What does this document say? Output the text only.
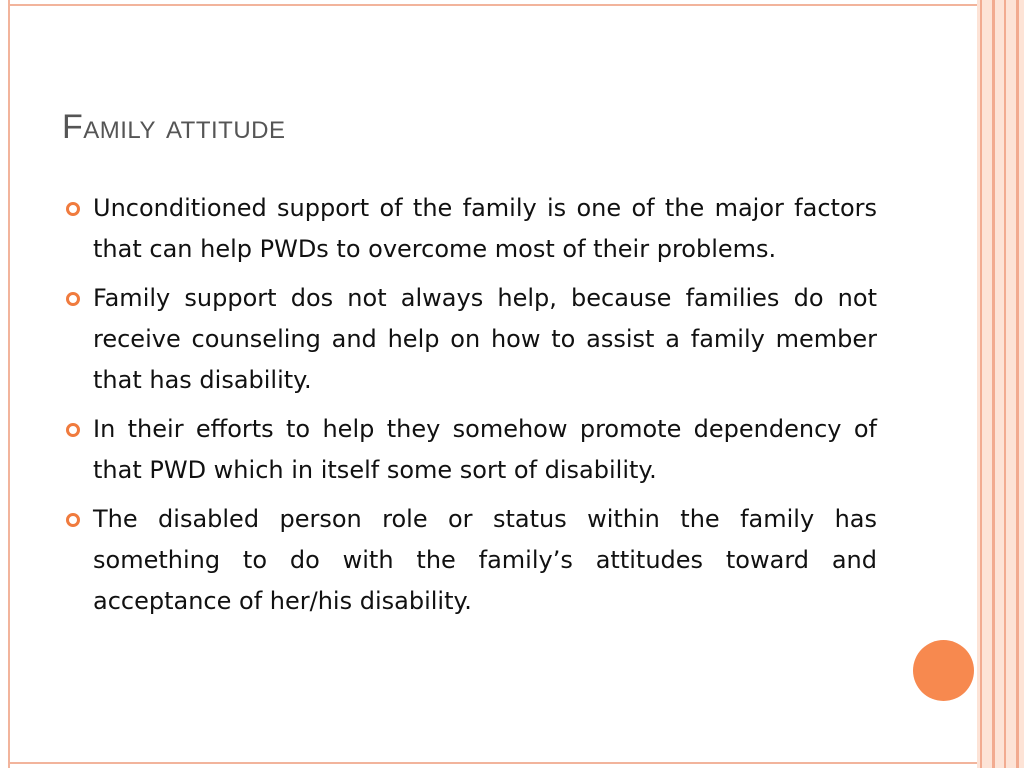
Family attitude
Unconditioned support of the family is one of the major factors that can help PWDs to overcome most of their problems.
Family support dos not always help, because families do not receive counseling and help on how to assist a family member that has disability.
In their efforts to help they somehow promote dependency of that PWD which in itself some sort of disability.
The disabled person role or status within the family has something to do with the family’s attitudes toward and acceptance of her/his disability.
